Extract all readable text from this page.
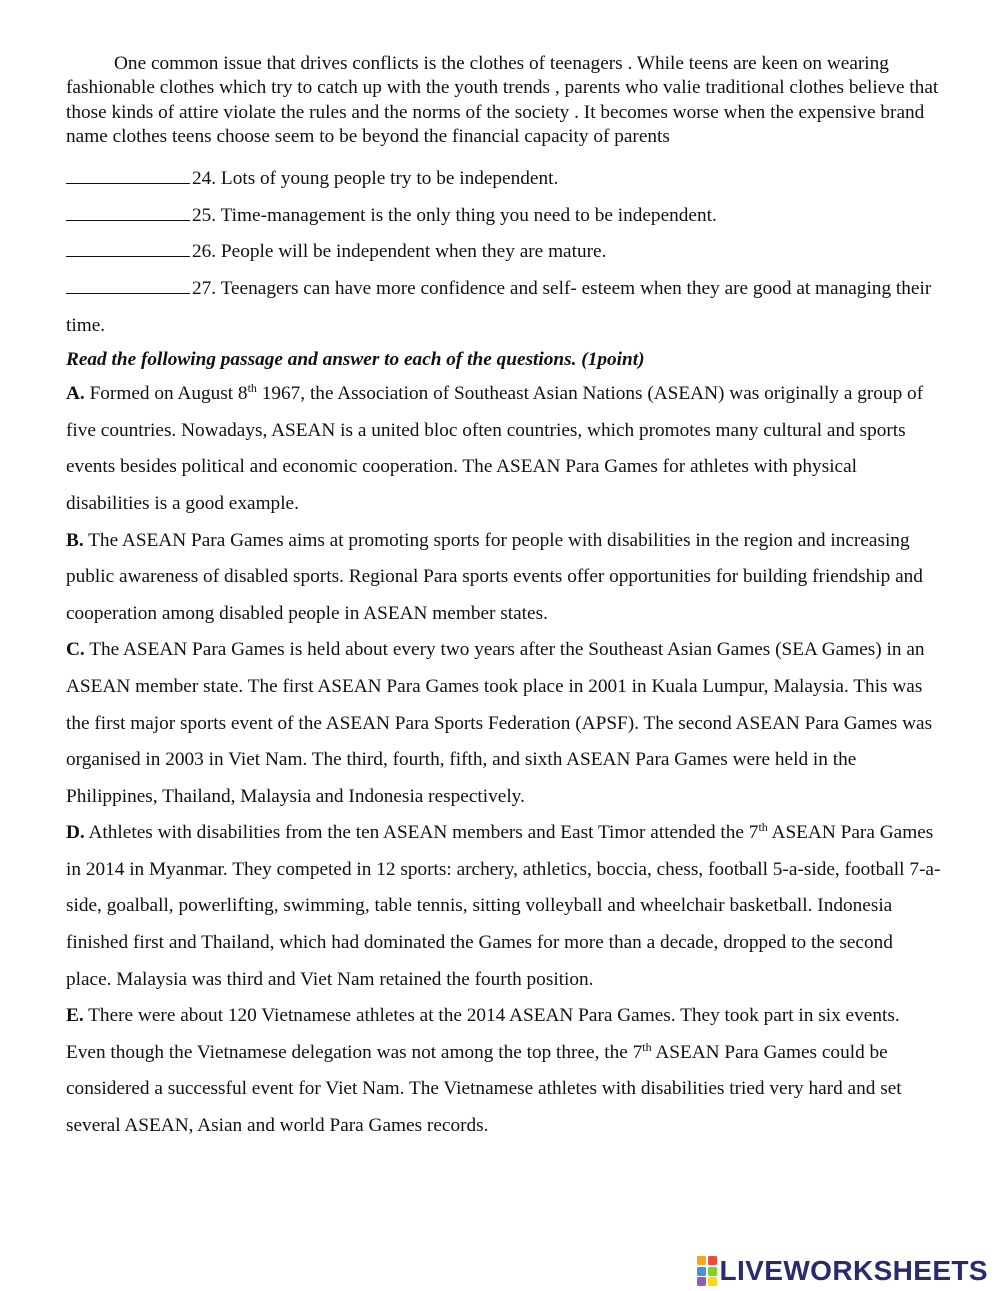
One common issue that drives conflicts is the clothes of teenagers . While teens are keen on wearing fashionable clothes which try to catch up with the youth trends , parents who valie traditional clothes believe that those kinds of attire violate the rules and the norms of the society . It becomes worse when the expensive brand name clothes teens choose seem to be beyond the financial capacity of parents

24. Lots of young people try to be independent.

25. Time-management is the only thing you need to be independent.

26. People will be independent when they are mature.

27. Teenagers can have more confidence and self- esteem when they are good at managing their time.

Read the following passage and answer to each of the questions. (1point)

A. Formed on August 8th 1967, the Association of Southeast Asian Nations (ASEAN) was originally a group of five countries. Nowadays, ASEAN is a united bloc often countries, which promotes many cultural and sports events besides political and economic cooperation. The ASEAN Para Games for athletes with physical disabilities is a good example.

B. The ASEAN Para Games aims at promoting sports for people with disabilities in the region and increasing public awareness of disabled sports. Regional Para sports events offer opportunities for building friendship and cooperation among disabled people in ASEAN member states.

C. The ASEAN Para Games is held about every two years after the Southeast Asian Games (SEA Games) in an ASEAN member state. The first ASEAN Para Games took place in 2001 in Kuala Lumpur, Malaysia. This was the first major sports event of the ASEAN Para Sports Federation (APSF). The second ASEAN Para Games was organised in 2003 in Viet Nam. The third, fourth, fifth, and sixth ASEAN Para Games were held in the Philippines, Thailand, Malaysia and Indonesia respectively.

D. Athletes with disabilities from the ten ASEAN members and East Timor attended the 7th ASEAN Para Games in 2014 in Myanmar. They competed in 12 sports: archery, athletics, boccia, chess, football 5-a-side, football 7-a-side, goalball, powerlifting, swimming, table tennis, sitting volleyball and wheelchair basketball. Indonesia finished first and Thailand, which had dominated the Games for more than a decade, dropped to the second place. Malaysia was third and Viet Nam retained the fourth position.

E. There were about 120 Vietnamese athletes at the 2014 ASEAN Para Games. They took part in six events. Even though the Vietnamese delegation was not among the top three, the 7th ASEAN Para Games could be considered a successful event for Viet Nam. The Vietnamese athletes with disabilities tried very hard and set several ASEAN, Asian and world Para Games records.

LIVEWORKSHEETS
